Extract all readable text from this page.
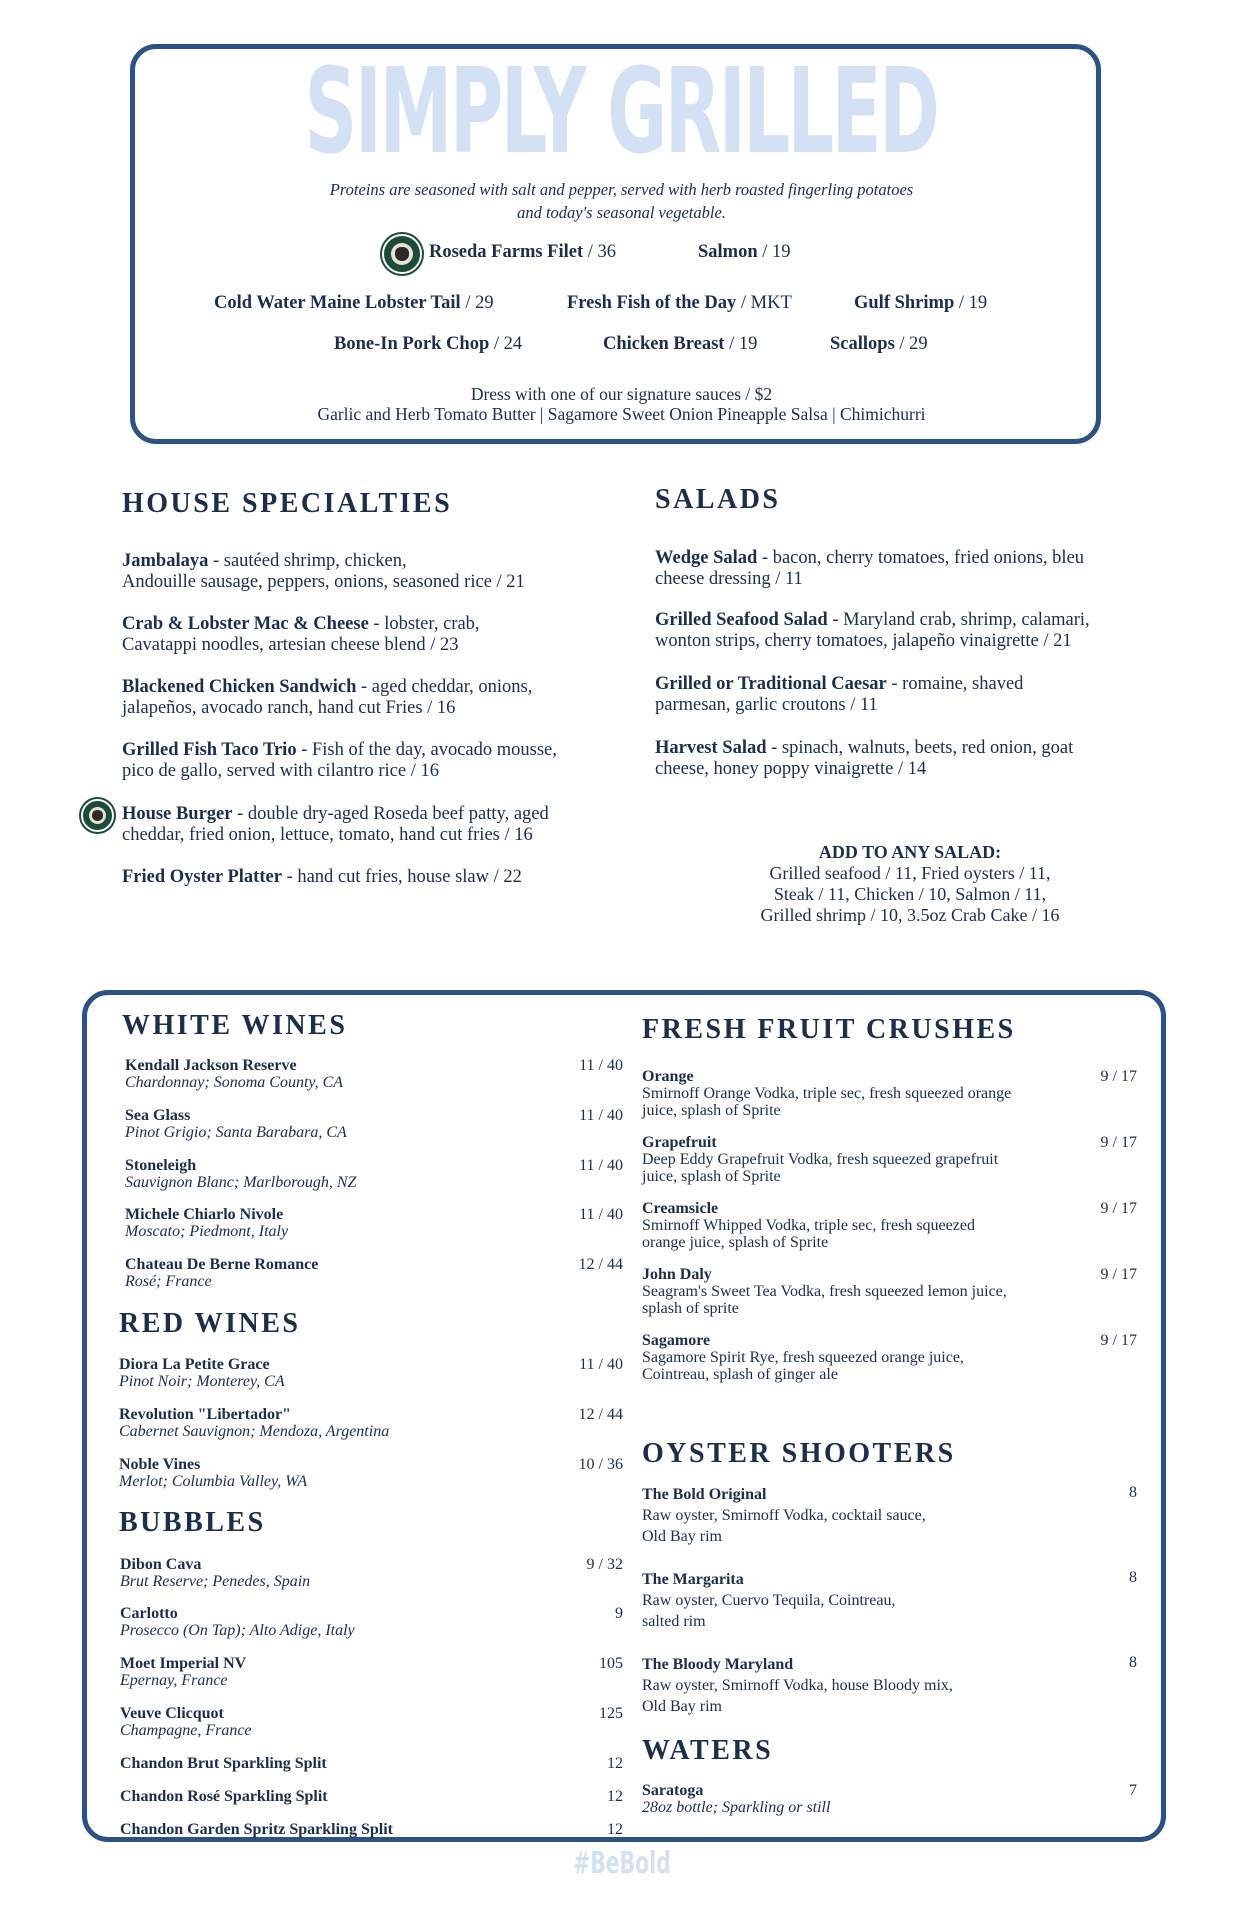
SIMPLY GRILLED
Proteins are seasoned with salt and pepper, served with herb roasted fingerling potatoes
and today's seasonal vegetable.
Roseda Farms Filet / 36	Salmon / 19
Cold Water Maine Lobster Tail / 29	Fresh Fish of the Day / MKT	Gulf Shrimp / 19
Bone-In Pork Chop / 24	Chicken Breast / 19	Scallops / 29
Dress with one of our signature sauces / $2
Garlic and Herb Tomato Butter | Sagamore Sweet Onion Pineapple Salsa | Chimichurri
HOUSE SPECIALTIES
Jambalaya - sautéed shrimp, chicken,
Andouille sausage, peppers, onions, seasoned rice / 21
Crab & Lobster Mac & Cheese - lobster, crab,
Cavatappi noodles, artesian cheese blend / 23
Blackened Chicken Sandwich - aged cheddar, onions,
jalapeños, avocado ranch, hand cut Fries / 16
Grilled Fish Taco Trio - Fish of the day, avocado mousse,
pico de gallo, served with cilantro rice / 16
House Burger - double dry-aged Roseda beef patty, aged
cheddar, fried onion, lettuce, tomato, hand cut fries / 16
Fried Oyster Platter - hand cut fries, house slaw / 22
SALADS
Wedge Salad - bacon, cherry tomatoes, fried onions, bleu
cheese dressing / 11
Grilled Seafood Salad - Maryland crab, shrimp, calamari,
wonton strips, cherry tomatoes, jalapeño vinaigrette / 21
Grilled or Traditional Caesar - romaine, shaved
parmesan, garlic croutons / 11
Harvest Salad - spinach, walnuts, beets, red onion, goat
cheese, honey poppy vinaigrette / 14
ADD TO ANY SALAD:
Grilled seafood / 11, Fried oysters / 11,
Steak / 11, Chicken / 10, Salmon / 11,
Grilled shrimp / 10, 3.5oz Crab Cake / 16
WHITE WINES
Kendall Jackson Reserve
Chardonnay; Sonoma County, CA
11 / 40
Sea Glass
Pinot Grigio; Santa Barabara, CA
11 / 40
Stoneleigh
Sauvignon Blanc; Marlborough, NZ
11 / 40
Michele Chiarlo Nivole
Moscato; Piedmont, Italy
11 / 40
Chateau De Berne Romance
Rosé; France
12 / 44
RED WINES
Diora La Petite Grace
Pinot Noir; Monterey, CA
11 / 40
Revolution "Libertador"
Cabernet Sauvignon; Mendoza, Argentina
12 / 44
Noble Vines
Merlot; Columbia Valley, WA
10 / 36
BUBBLES
Dibon Cava
Brut Reserve; Penedes, Spain
9 / 32
Carlotto
Prosecco (On Tap); Alto Adige, Italy
9
Moet Imperial NV
Epernay, France
105
Veuve Clicquot
Champagne, France
125
Chandon Brut Sparkling Split	12
Chandon Rosé Sparkling Split	12
Chandon Garden Spritz Sparkling Split	12
FRESH FRUIT CRUSHES
Orange
Smirnoff Orange Vodka, triple sec, fresh squeezed orange
juice, splash of Sprite
9 / 17
Grapefruit
Deep Eddy Grapefruit Vodka, fresh squeezed grapefruit
juice, splash of Sprite
9 / 17
Creamsicle
Smirnoff Whipped Vodka, triple sec, fresh squeezed
orange juice, splash of Sprite
9 / 17
John Daly
Seagram's Sweet Tea Vodka, fresh squeezed lemon juice,
splash of sprite
9 / 17
Sagamore
Sagamore Spirit Rye, fresh squeezed orange juice,
Cointreau, splash of ginger ale
9 / 17
OYSTER SHOOTERS
The Bold Original
Raw oyster, Smirnoff Vodka, cocktail sauce,
Old Bay rim
8
The Margarita
Raw oyster, Cuervo Tequila, Cointreau,
salted rim
8
The Bloody Maryland
Raw oyster, Smirnoff Vodka, house Bloody mix,
Old Bay rim
8
WATERS
Saratoga
28oz bottle; Sparkling or still
7
#BeBold
